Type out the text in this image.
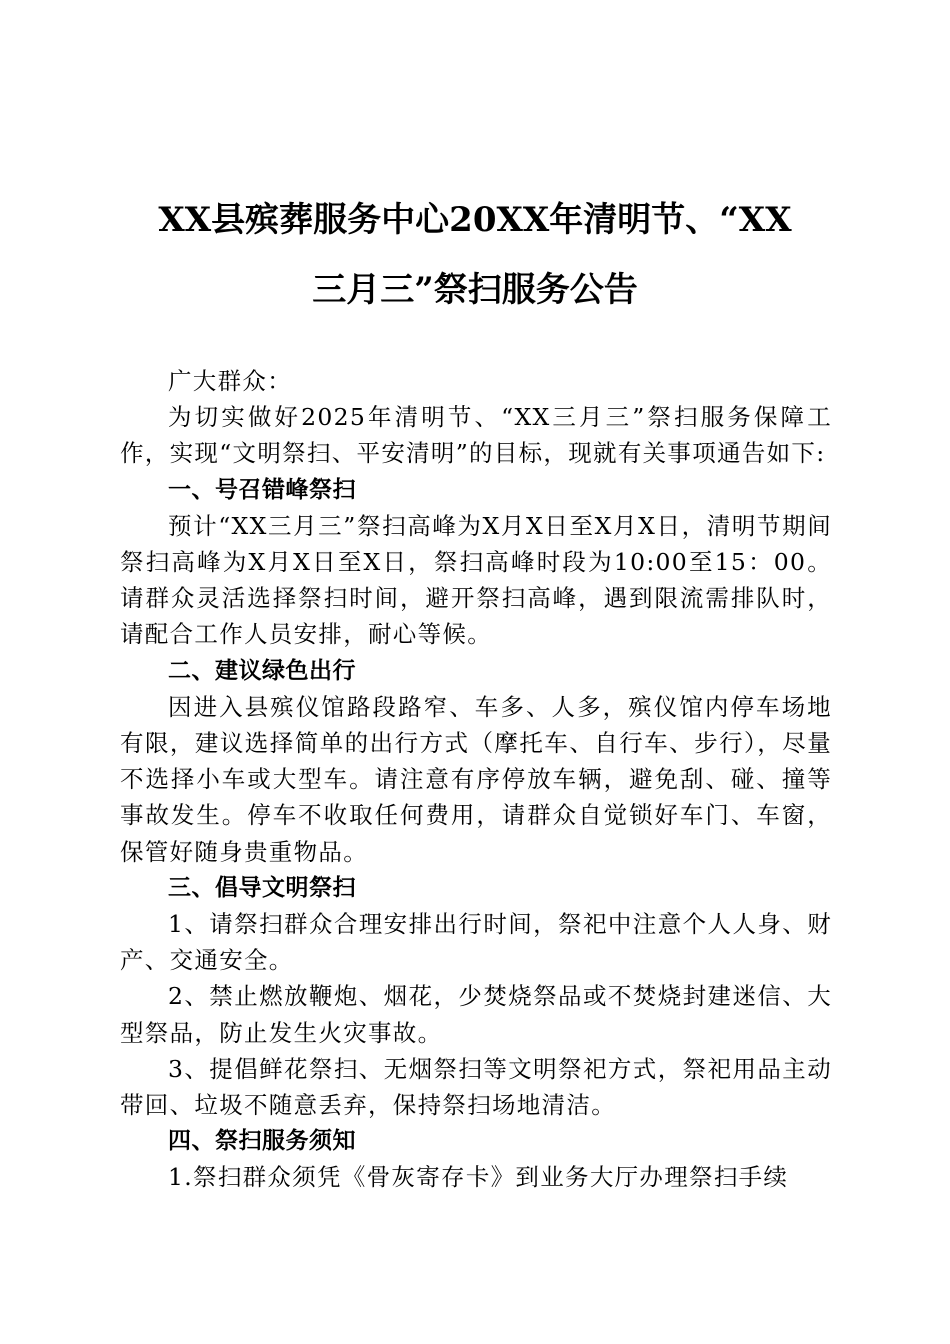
XX县殡葬服务中心20XX年清明节、“XX
三月三”祭扫服务公告

广大群众：

为切实做好2025年清明节、“XX三月三”祭扫服务保障工作，实现“文明祭扫、平安清明”的目标，现就有关事项通告如下:

一、号召错峰祭扫

预计“XX三月三”祭扫高峰为X月X日至X月X日，清明节期间祭扫高峰为X月X日至X日，祭扫高峰时段为10:00至15：00。请群众灵活选择祭扫时间，避开祭扫高峰，遇到限流需排队时，请配合工作人员安排，耐心等候。

二、建议绿色出行

因进入县殡仪馆路段路窄、车多、人多，殡仪馆内停车场地有限，建议选择简单的出行方式（摩托车、自行车、步行），尽量不选择小车或大型车。请注意有序停放车辆，避免刮、碰、撞等事故发生。停车不收取任何费用，请群众自觉锁好车门、车窗，保管好随身贵重物品。

三、倡导文明祭扫

1、请祭扫群众合理安排出行时间，祭祀中注意个人人身、财产、交通安全。

2、禁止燃放鞭炮、烟花，少焚烧祭品或不焚烧封建迷信、大型祭品，防止发生火灾事故。

3、提倡鲜花祭扫、无烟祭扫等文明祭祀方式，祭祀用品主动带回、垃圾不随意丢弃，保持祭扫场地清洁。

四、祭扫服务须知

1.祭扫群众须凭《骨灰寄存卡》到业务大厅办理祭扫手续
